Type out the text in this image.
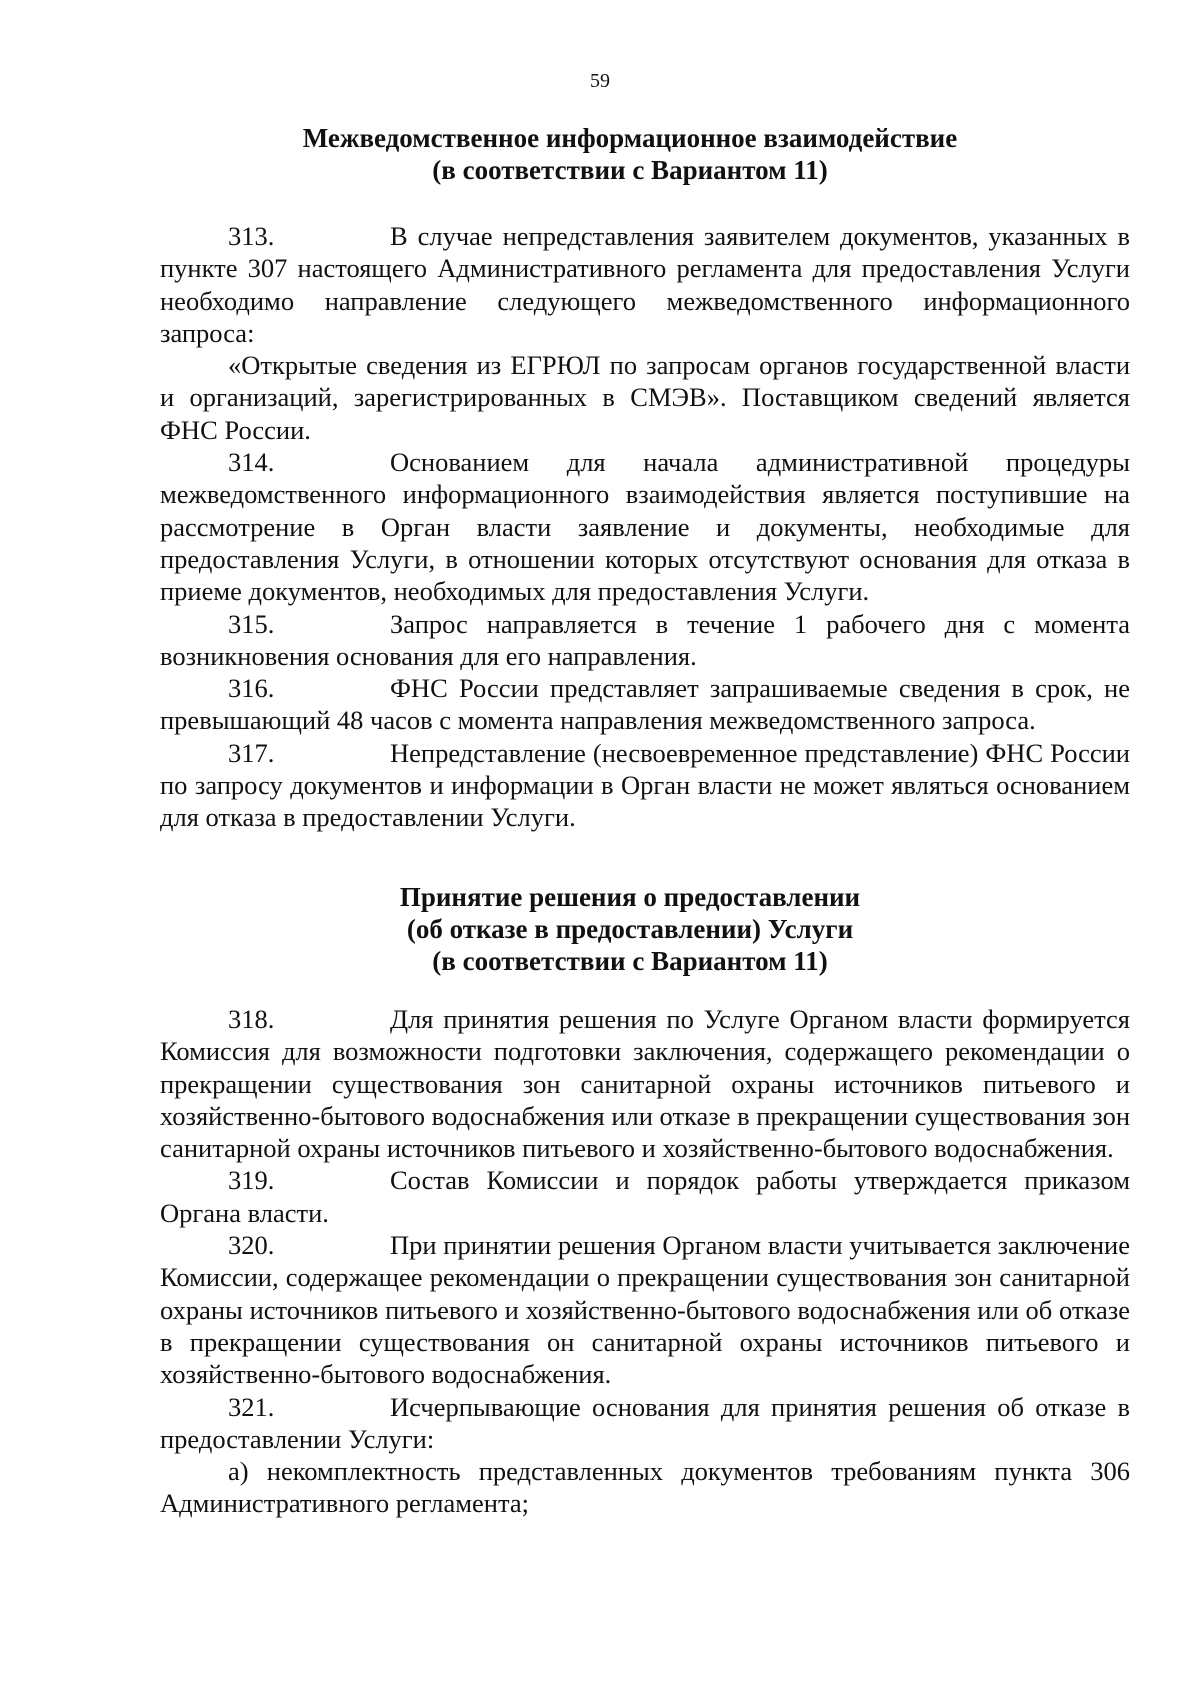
59
Межведомственное информационное взаимодействие
(в соответствии с Вариантом 11)

313.	В случае непредставления заявителем документов, указанных в пункте 307 настоящего Административного регламента для предоставления Услуги необходимо направление следующего межведомственного информационного запроса:

«Открытые сведения из ЕГРЮЛ по запросам органов государственной власти и организаций, зарегистрированных в СМЭВ». Поставщиком сведений является ФНС России.

314.	Основанием для начала административной процедуры межведомственного информационного взаимодействия является поступившие на рассмотрение в Орган власти заявление и документы, необходимые для предоставления Услуги, в отношении которых отсутствуют основания для отказа в приеме документов, необходимых для предоставления Услуги.

315.	Запрос направляется в течение 1 рабочего дня с момента возникновения основания для его направления.

316.	ФНС России представляет запрашиваемые сведения в срок, не превышающий 48 часов с момента направления межведомственного запроса.

317.	Непредставление (несвоевременное представление) ФНС России по запросу документов и информации в Орган власти не может являться основанием для отказа в предоставлении Услуги.

Принятие решения о предоставлении
(об отказе в предоставлении) Услуги
(в соответствии с Вариантом 11)

318.	Для принятия решения по Услуге Органом власти формируется Комиссия для возможности подготовки заключения, содержащего рекомендации о прекращении существования зон санитарной охраны источников питьевого и хозяйственно-бытового водоснабжения или отказе в прекращении существования зон санитарной охраны источников питьевого и хозяйственно-бытового водоснабжения.

319.	Состав Комиссии и порядок работы утверждается приказом Органа власти.

320.	При принятии решения Органом власти учитывается заключение Комиссии, содержащее рекомендации о прекращении существования зон санитарной охраны источников питьевого и хозяйственно-бытового водоснабжения или об отказе в прекращении существования он санитарной охраны источников питьевого и хозяйственно-бытового водоснабжения.

321.	Исчерпывающие основания для принятия решения об отказе в предоставлении Услуги:

а) некомплектность представленных документов требованиям пункта 306 Административного регламента;
